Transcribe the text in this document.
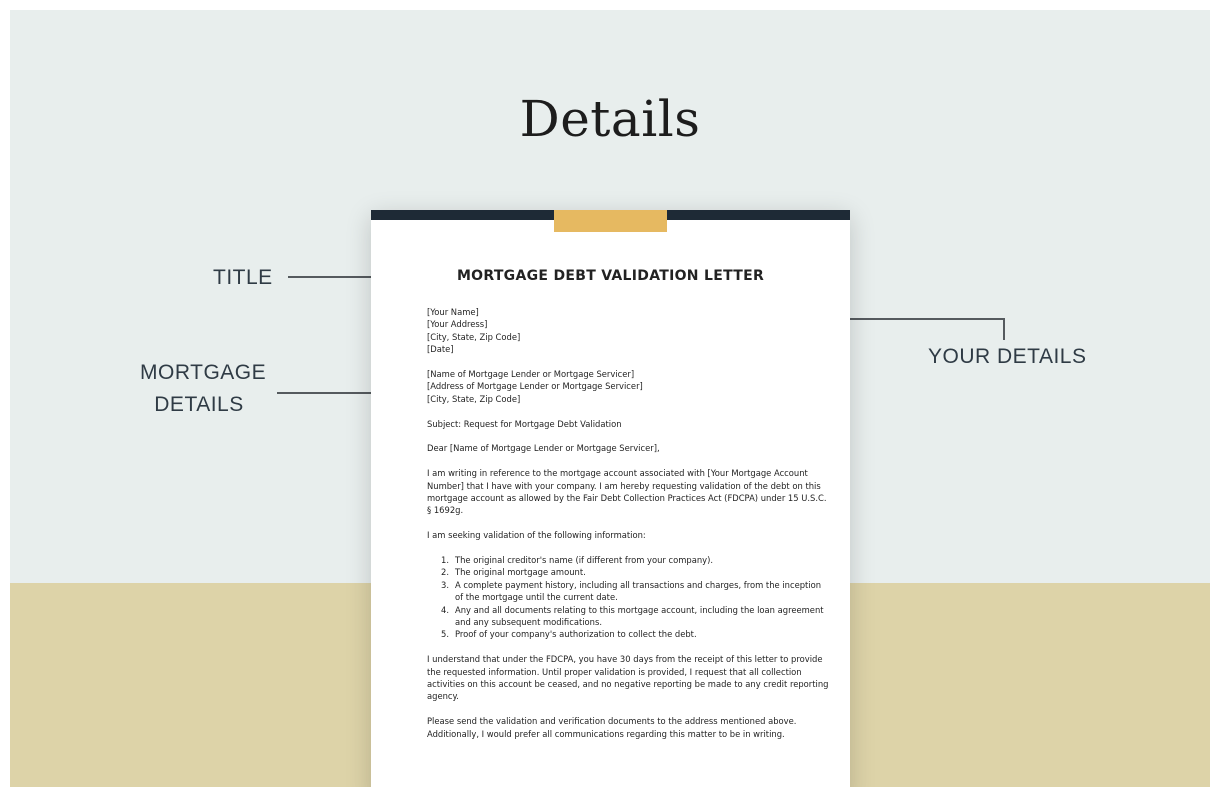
Details
TITLE
MORTGAGE
DETAILS
YOUR DETAILS
MORTGAGE DEBT VALIDATION LETTER
[Your Name]
[Your Address]
[City, State, Zip Code]
[Date]
[Name of Mortgage Lender or Mortgage Servicer]
[Address of Mortgage Lender or Mortgage Servicer]
[City, State, Zip Code]
Subject: Request for Mortgage Debt Validation
Dear [Name of Mortgage Lender or Mortgage Servicer],
I am writing in reference to the mortgage account associated with [Your Mortgage Account
Number] that I have with your company. I am hereby requesting validation of the debt on this
mortgage account as allowed by the Fair Debt Collection Practices Act (FDCPA) under 15 U.S.C.
§ 1692g.
I am seeking validation of the following information:
1. The original creditor's name (if different from your company).
2. The original mortgage amount.
3. A complete payment history, including all transactions and charges, from the inception
of the mortgage until the current date.
4. Any and all documents relating to this mortgage account, including the loan agreement
and any subsequent modifications.
5. Proof of your company's authorization to collect the debt.
I understand that under the FDCPA, you have 30 days from the receipt of this letter to provide
the requested information. Until proper validation is provided, I request that all collection
activities on this account be ceased, and no negative reporting be made to any credit reporting
agency.
Please send the validation and verification documents to the address mentioned above.
Additionally, I would prefer all communications regarding this matter to be in writing.
